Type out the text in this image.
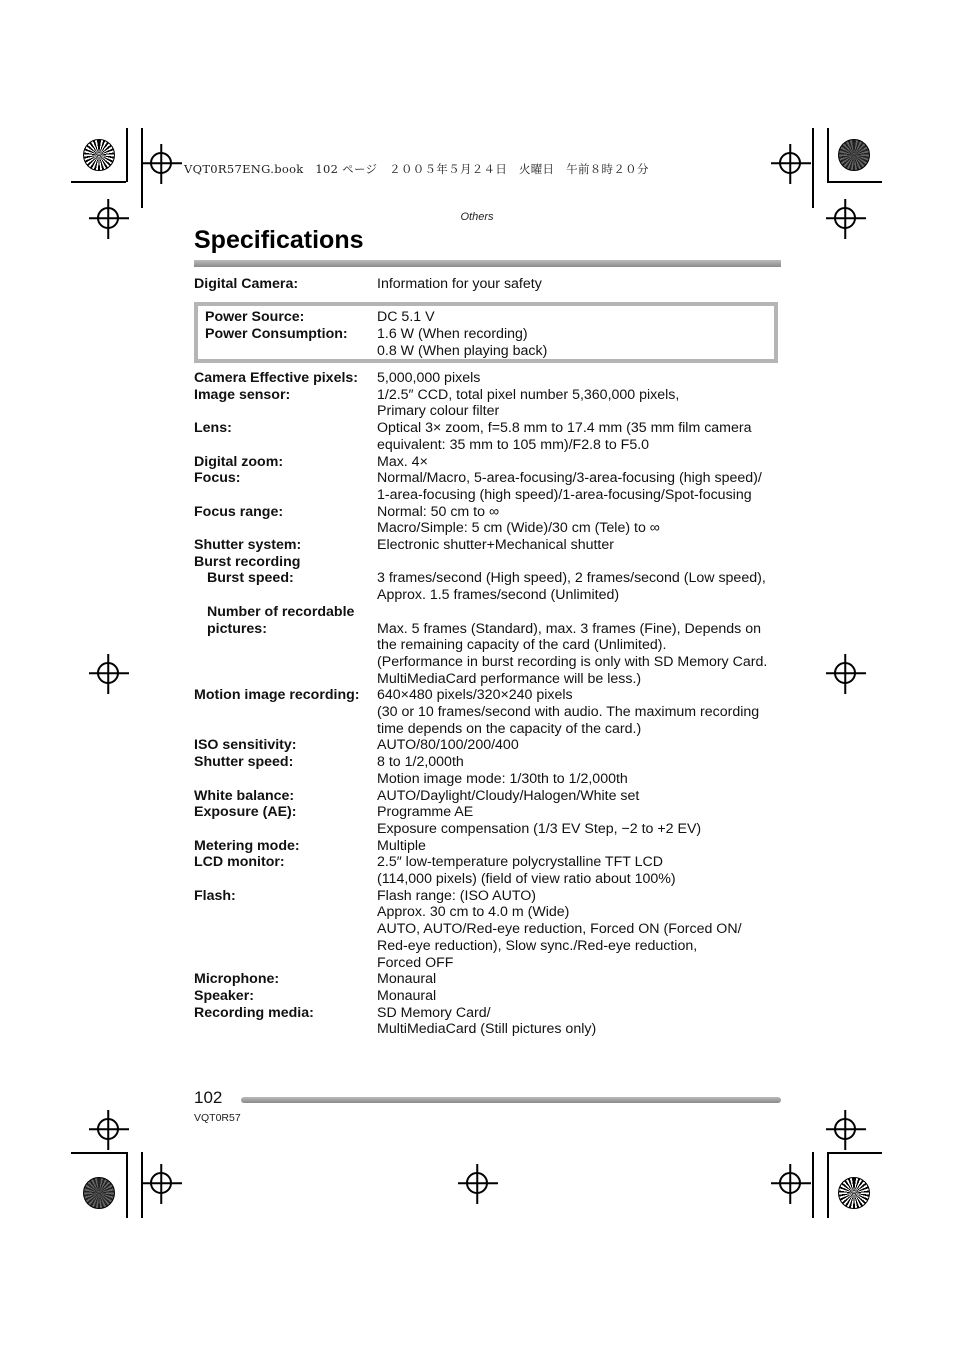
VQT0R57ENG.book　102 ページ　２００５年５月２４日　火曜日　午前８時２０分
Others
Specifications
Digital Camera:	Information for your safety
Power Source:	DC 5.1 V
Power Consumption:	1.6 W (When recording)
0.8 W (When playing back)
Camera Effective pixels:	5,000,000 pixels
Image sensor:	1/2.5″ CCD, total pixel number 5,360,000 pixels,
Primary colour filter
Lens:	Optical 3× zoom, f=5.8 mm to 17.4 mm (35 mm film camera
equivalent: 35 mm to 105 mm)/F2.8 to F5.0
Digital zoom:	Max. 4×
Focus:	Normal/Macro, 5-area-focusing/3-area-focusing (high speed)/
1-area-focusing (high speed)/1-area-focusing/Spot-focusing
Focus range:	Normal: 50 cm to ∞
Macro/Simple: 5 cm (Wide)/30 cm (Tele) to ∞
Shutter system:	Electronic shutter+Mechanical shutter
Burst recording
Burst speed:	3 frames/second (High speed), 2 frames/second (Low speed),
Approx. 1.5 frames/second (Unlimited)
Number of recordable
pictures:	Max. 5 frames (Standard), max. 3 frames (Fine), Depends on
the remaining capacity of the card (Unlimited).
(Performance in burst recording is only with SD Memory Card.
MultiMediaCard performance will be less.)
Motion image recording:	640×480 pixels/320×240 pixels
(30 or 10 frames/second with audio. The maximum recording
time depends on the capacity of the card.)
ISO sensitivity:	AUTO/80/100/200/400
Shutter speed:	8 to 1/2,000th
Motion image mode: 1/30th to 1/2,000th
White balance:	AUTO/Daylight/Cloudy/Halogen/White set
Exposure (AE):	Programme AE
Exposure compensation (1/3 EV Step, −2 to +2 EV)
Metering mode:	Multiple
LCD monitor:	2.5″ low-temperature polycrystalline TFT LCD
(114,000 pixels) (field of view ratio about 100%)
Flash:	Flash range: (ISO AUTO)
Approx. 30 cm to 4.0 m (Wide)
AUTO, AUTO/Red-eye reduction, Forced ON (Forced ON/
Red-eye reduction), Slow sync./Red-eye reduction,
Forced OFF
Microphone:	Monaural
Speaker:	Monaural
Recording media:	SD Memory Card/
MultiMediaCard (Still pictures only)
102
VQT0R57
